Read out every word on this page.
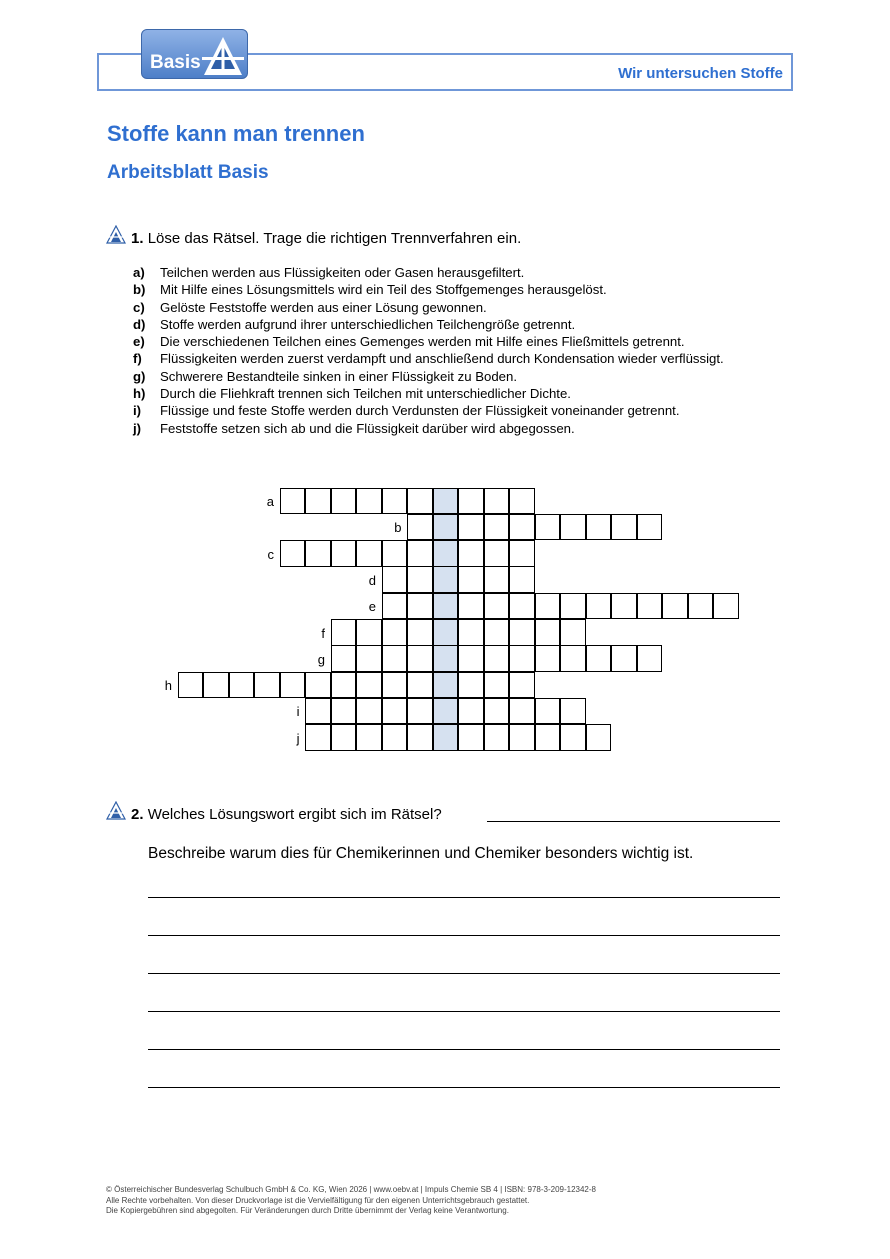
Wir untersuchen Stoffe
Basis
Stoffe kann man trennen
Arbeitsblatt Basis
1. Löse das Rätsel. Trage die richtigen Trennverfahren ein.
a)	Teilchen werden aus Flüssigkeiten oder Gasen herausgefiltert.
b)	Mit Hilfe eines Lösungsmittels wird ein Teil des Stoffgemenges herausgelöst.
c)	Gelöste Feststoffe werden aus einer Lösung gewonnen.
d)	Stoffe werden aufgrund ihrer unterschiedlichen Teilchengröße getrennt.
e)	Die verschiedenen Teilchen eines Gemenges werden mit Hilfe eines Fließmittels getrennt.
f)	Flüssigkeiten werden zuerst verdampft und anschließend durch Kondensation wieder verflüssigt.
g)	Schwerere Bestandteile sinken in einer Flüssigkeit zu Boden.
h)	Durch die Fliehkraft trennen sich Teilchen mit unterschiedlicher Dichte.
i)	Flüssige und feste Stoffe werden durch Verdunsten der Flüssigkeit voneinander getrennt.
j)	Feststoffe setzen sich ab und die Flüssigkeit darüber wird abgegossen.
a
b
c
d
e
f
g
h
i
j
2. Welches Lösungswort ergibt sich im Rätsel?
Beschreibe warum dies für Chemikerinnen und Chemiker besonders wichtig ist.
© Österreichischer Bundesverlag Schulbuch GmbH & Co. KG, Wien 2026 | www.oebv.at | Impuls Chemie SB 4 | ISBN: 978-3-209-12342-8
Alle Rechte vorbehalten. Von dieser Druckvorlage ist die Vervielfältigung für den eigenen Unterrichtsgebrauch gestattet.
Die Kopiergebühren sind abgegolten. Für Veränderungen durch Dritte übernimmt der Verlag keine Verantwortung.
